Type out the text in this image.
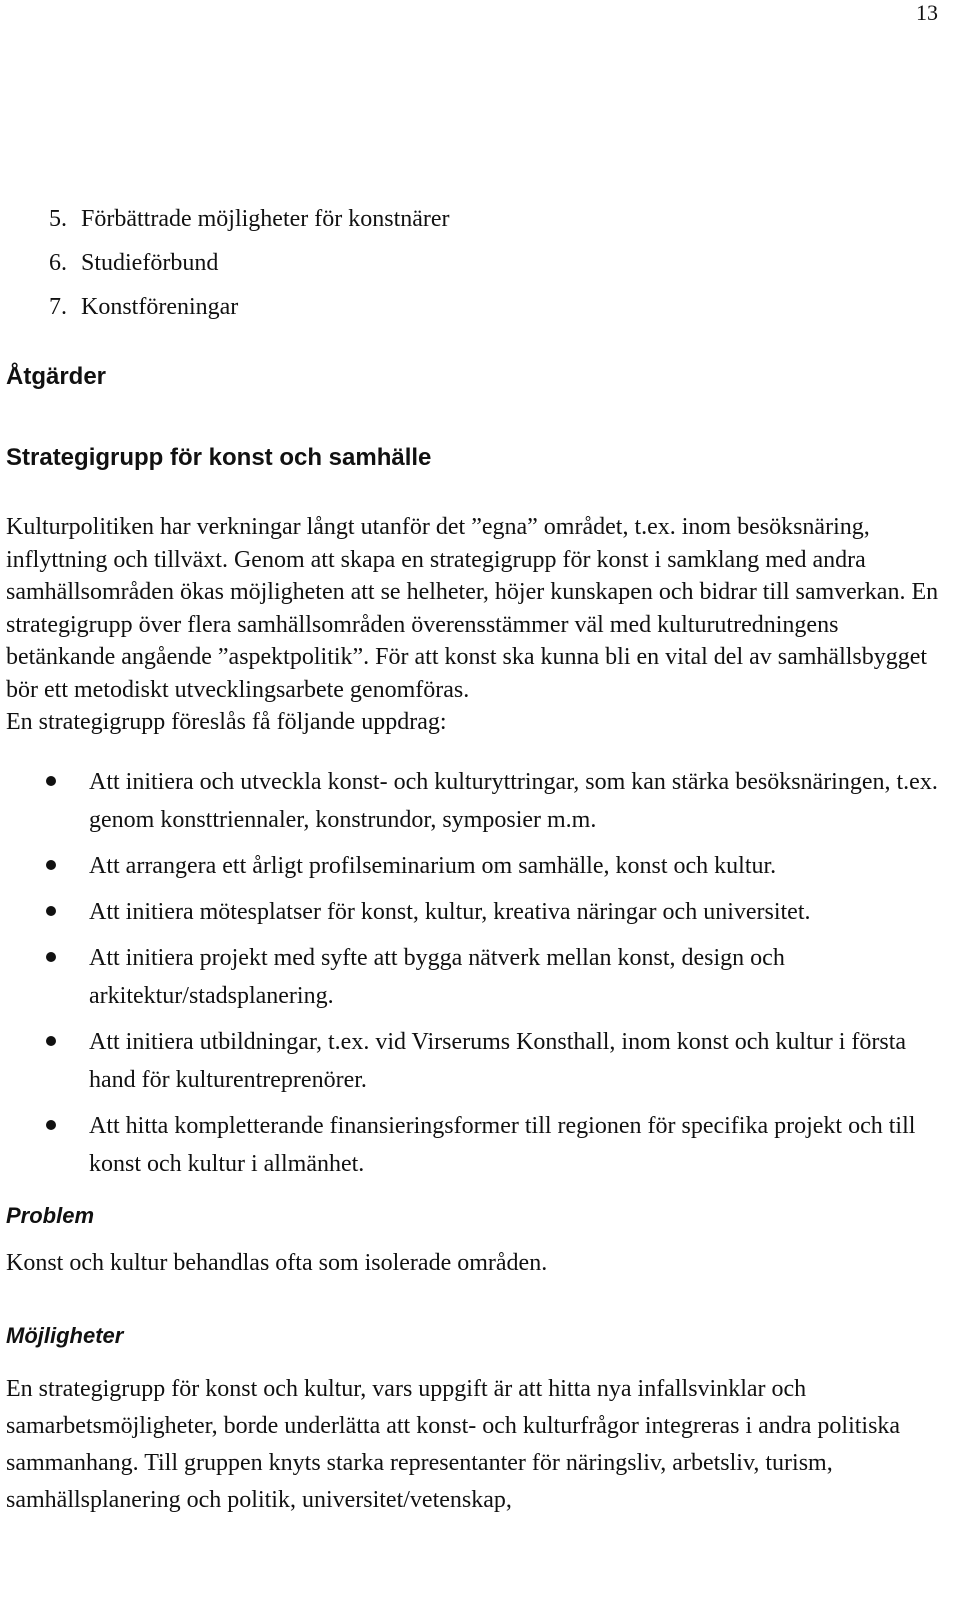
13
5. Förbättrade möjligheter för konstnärer
6. Studieförbund
7. Konstföreningar
Åtgärder
Strategigrupp för konst och samhälle

Kulturpolitiken har verkningar långt utanför det ”egna” området, t.ex. inom besöksnäring, inflyttning och tillväxt. Genom att skapa en strategigrupp för konst i samklang med andra samhällsområden ökas möjligheten att se helheter, höjer kunskapen och bidrar till samverkan. En strategigrupp över flera samhällsområden överensstämmer väl med kulturutredningens betänkande angående ”aspektpolitik”. För att konst ska kunna bli en vital del av samhällsbygget bör ett metodiskt utvecklingsarbete genomföras.

En strategigrupp föreslås få följande uppdrag:

Att initiera och utveckla konst- och kulturyttringar, som kan stärka besöksnäringen, t.ex. genom konsttriennaler, konstrundor, symposier m.m.
Att arrangera ett årligt profilseminarium om samhälle, konst och kultur.
Att initiera mötesplatser för konst, kultur, kreativa näringar och universitet.
Att initiera projekt med syfte att bygga nätverk mellan konst, design och arkitektur/stadsplanering.
Att initiera utbildningar, t.ex. vid Virserums Konsthall, inom konst och kultur i första hand för kulturentreprenörer.
Att hitta kompletterande finansieringsformer till regionen för specifika projekt och till konst och kultur i allmänhet.
Problem

Konst och kultur behandlas ofta som isolerade områden.

Möjligheter

En strategigrupp för konst och kultur, vars uppgift är att hitta nya infallsvinklar och samarbetsmöjligheter, borde underlätta att konst- och kulturfrågor integreras i andra politiska sammanhang. Till gruppen knyts starka representanter för näringsliv, arbetsliv, turism, samhällsplanering och politik, universitet/vetenskap,
